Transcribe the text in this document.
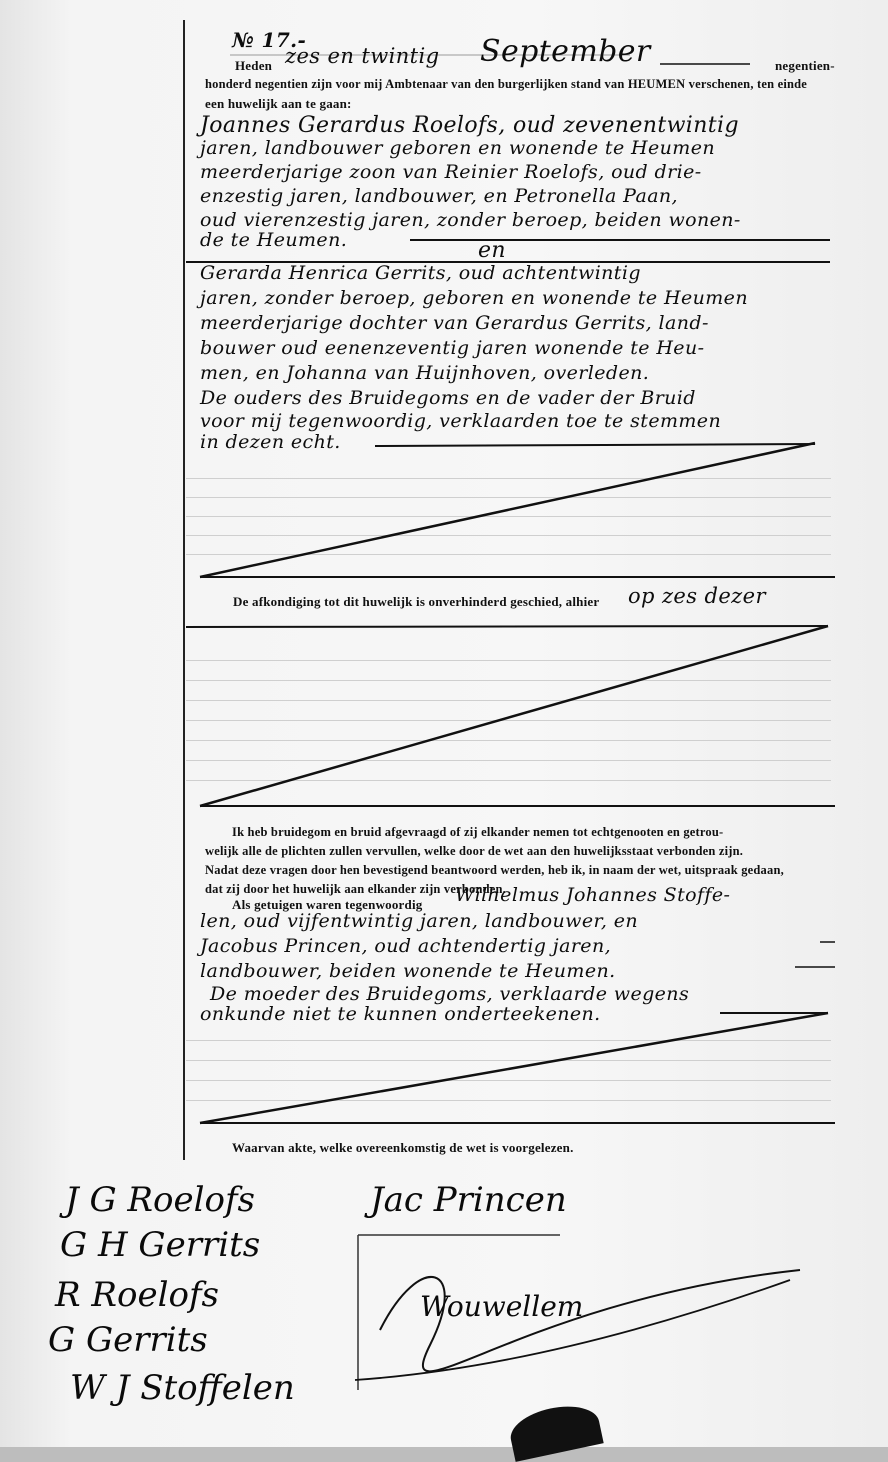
№ 17.-
Heden zes en twintig September	negentien-
honderd negentien zijn voor mij Ambtenaar van den burgerlijken stand van HEUMEN verschenen, ten einde
een huwelijk aan te gaan:
Joannes Gerardus Roelofs, oud zevenentwintig
jaren, landbouwer geboren en wonende te Heumen
meerderjarige zoon van Reinier Roelofs, oud drie-
enzestig jaren, landbouwer, en Petronella Paan,
oud vierenzestig jaren, zonder beroep, beiden wonen-
de te Heumen.	en
Gerarda Henrica Gerrits, oud achtentwintig
jaren, zonder beroep, geboren en wonende te Heumen
meerderjarige dochter van Gerardus Gerrits, land-
bouwer oud eenenzeventig jaren wonende te Heu-
men, en Johanna van Huijnhoven, overleden.
De ouders des Bruidegoms en de vader der Bruid
voor mij tegenwoordig, verklaarden toe te stemmen
in dezen echt.
De afkondiging tot dit huwelijk is onverhinderd geschied, alhier op zes dezer
Ik heb bruidegom en bruid afgevraagd of zij elkander nemen tot echtgenooten en getrou-
welijk alle de plichten zullen vervullen, welke door de wet aan den huwelijksstaat verbonden zijn.
Nadat deze vragen door hen bevestigend beantwoord werden, heb ik, in naam der wet, uitspraak gedaan,
dat zij door het huwelijk aan elkander zijn verbonden.
Als getuigen waren tegenwoordig Wilhelmus Johannes Stoffe-
len, oud vijfentwintig jaren, landbouwer, en
Jacobus Princen, oud achtendertig jaren,
landbouwer, beiden wonende te Heumen.
De moeder des Bruidegoms, verklaarde wegens
onkunde niet te kunnen onderteekenen.
Waarvan akte, welke overeenkomstig de wet is voorgelezen.
J G Roelofs
G H Gerrits
R Roelofs
G Gerrits
W J Stoffelen
Jac Princen
Wouwellem
